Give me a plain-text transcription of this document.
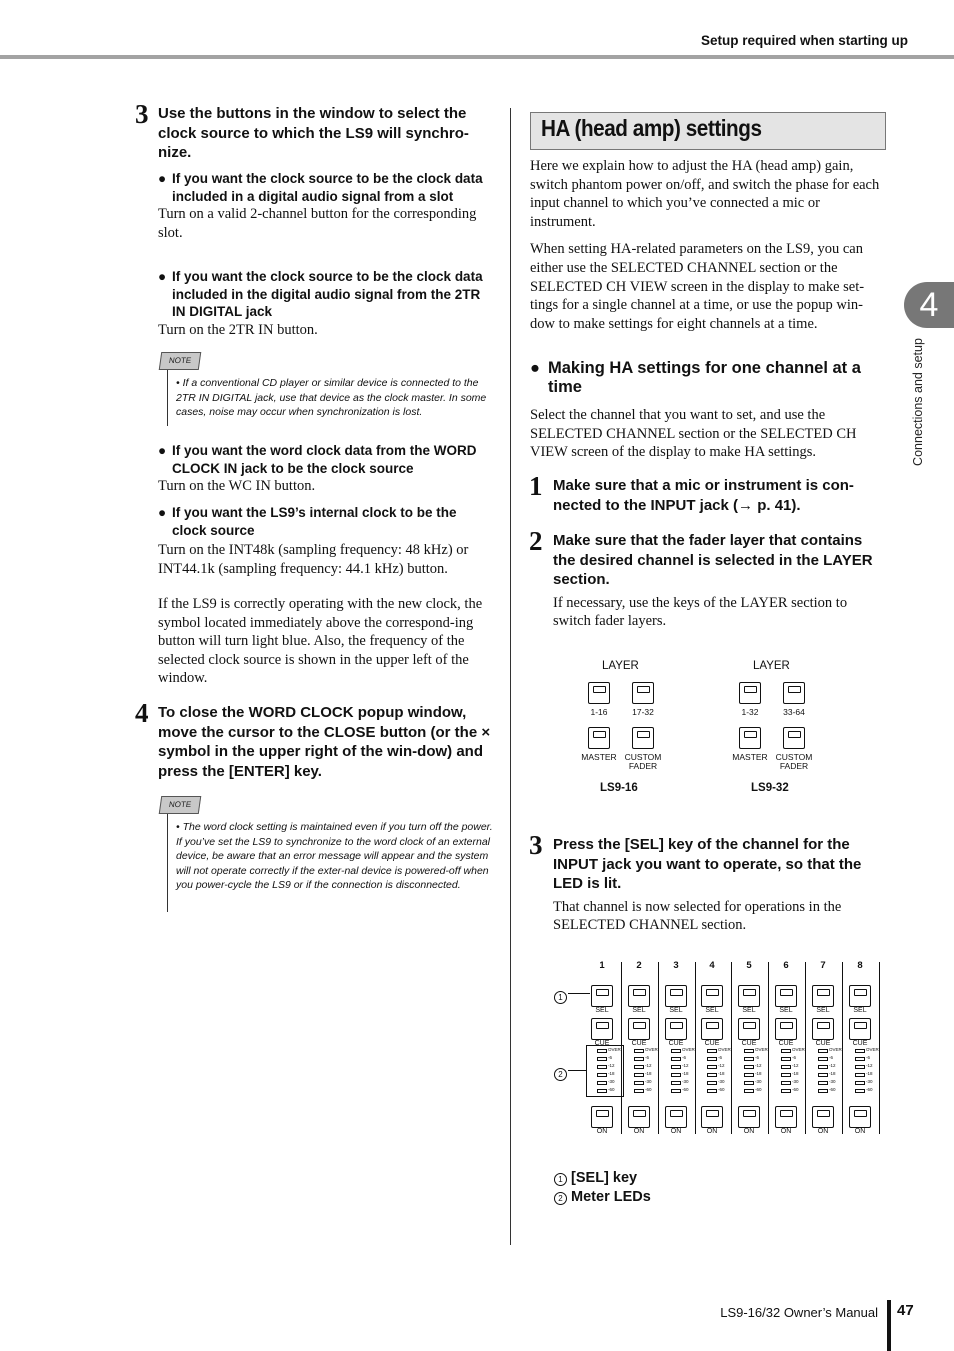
Setup required when starting up
3 Use the buttons in the window to select the clock source to which the LS9 will synchro-nize.

● If you want the clock source to be the clock data included in a digital audio signal from a slot

Turn on a valid 2-channel button for the corresponding slot.

● If you want the clock source to be the clock data included in the digital audio signal from the 2TR IN DIGITAL jack

Turn on the 2TR IN button.

NOTE
• If a conventional CD player or similar device is connected to the 2TR IN DIGITAL jack, use that device as the clock master. In some cases, noise may occur when synchronization is lost.

● If you want the word clock data from the WORD CLOCK IN jack to be the clock source

Turn on the WC IN button.

● If you want the LS9’s internal clock to be the clock source

Turn on the INT48k (sampling frequency: 48 kHz) or INT44.1k (sampling frequency: 44.1 kHz) button.

If the LS9 is correctly operating with the new clock, the symbol located immediately above the correspond-ing button will turn light blue. Also, the frequency of the selected clock source is shown in the upper left of the window.

4 To close the WORD CLOCK popup window, move the cursor to the CLOSE button (or the × symbol in the upper right of the win-dow) and press the [ENTER] key.

NOTE
• The word clock setting is maintained even if you turn off the power. If you’ve set the LS9 to synchronize to the word clock of an external device, be aware that an error message will appear and the system will not operate correctly if the exter-nal device is powered-off when you power-cycle the LS9 or if the connection is disconnected.
HA (head amp) settings

Here we explain how to adjust the HA (head amp) gain, switch phantom power on/off, and switch the phase for each input channel to which you’ve connected a mic or instrument.

When setting HA-related parameters on the LS9, you can either use the SELECTED CHANNEL section or the SELECTED CH VIEW screen in the display to make set-tings for a single channel at a time, or use the popup win-dow to make settings for eight channels at a time.

● Making HA settings for one channel at a time

Select the channel that you want to set, and use the SELECTED CHANNEL section or the SELECTED CH VIEW screen of the display to make HA settings.

1 Make sure that a mic or instrument is con-nected to the INPUT jack (→ p. 41).

2 Make sure that the fader layer that contains the desired channel is selected in the LAYER section.

If necessary, use the keys of the LAYER section to switch fader layers.

LAYER
1-16	17-32
MASTER CUSTOM FADER
LS9-16
LAYER
1-32	33-64
MASTER CUSTOM FADER
LS9-32
3 Press the [SEL] key of the channel for the INPUT jack you want to operate, so that the LED is lit.

That channel is now selected for operations in the SELECTED CHANNEL section.

1
SEL
CUE
OVER
-6
-12
-18
-30
-60
ON
2
SEL
CUE
OVER
-6
-12
-18
-30
-60
ON
3
SEL
CUE
OVER
-6
-12
-18
-30
-60
ON
4
SEL
CUE
OVER
-6
-12
-18
-30
-60
ON
5
SEL
CUE
OVER
-6
-12
-18
-30
-60
ON
6
SEL
CUE
OVER
-6
-12
-18
-30
-60
ON
7
SEL
CUE
OVER
-6
-12
-18
-30
-60
ON
8
SEL
CUE
OVER
-6
-12
-18
-30
-60
ON
1
2
1 [SEL] key
2 Meter LEDs
4
Connections and setup
LS9-16/32 Owner’s Manual 47
